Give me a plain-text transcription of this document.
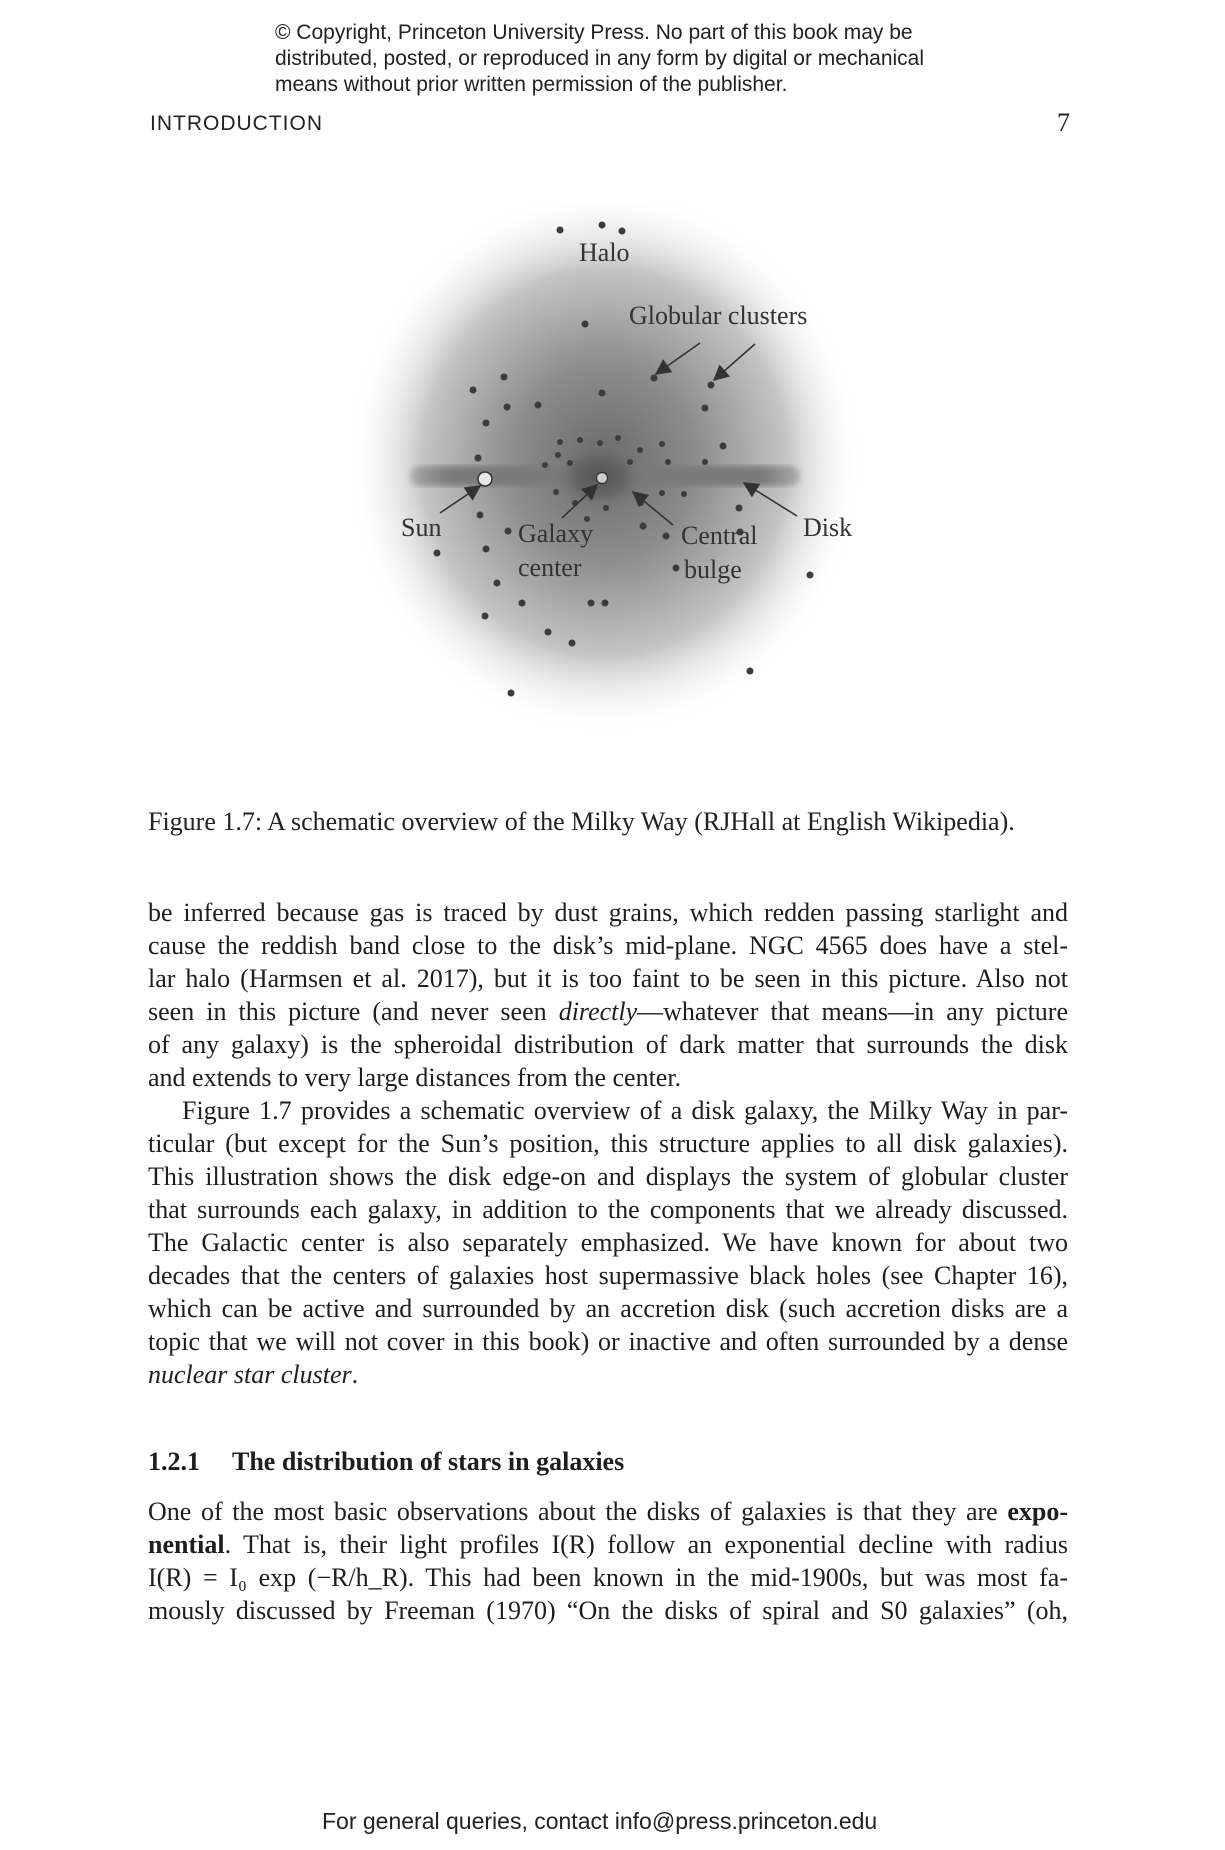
© Copyright, Princeton University Press. No part of this book may be
distributed, posted, or reproduced in any form by digital or mechanical
means without prior written permission of the publisher.
INTRODUCTION	7
Halo
Globular clusters
Sun	Galaxy
center
Central
bulge
Disk
Figure 1.7: A schematic overview of the Milky Way (RJHall at English Wikipedia).
be inferred because gas is traced by dust grains, which redden passing starlight and
cause the reddish band close to the disk’s mid-plane. NGC 4565 does have a stel-
lar halo (Harmsen et al. 2017), but it is too faint to be seen in this picture. Also not
seen in this picture (and never seen directly—whatever that means—in any picture
of any galaxy) is the spheroidal distribution of dark matter that surrounds the disk
and extends to very large distances from the center.
Figure 1.7 provides a schematic overview of a disk galaxy, the Milky Way in par-
ticular (but except for the Sun’s position, this structure applies to all disk galaxies).
This illustration shows the disk edge-on and displays the system of globular cluster
that surrounds each galaxy, in addition to the components that we already discussed.
The Galactic center is also separately emphasized. We have known for about two
decades that the centers of galaxies host supermassive black holes (see Chapter 16),
which can be active and surrounded by an accretion disk (such accretion disks are a
topic that we will not cover in this book) or inactive and often surrounded by a dense
nuclear star cluster.
1.2.1 The distribution of stars in galaxies
One of the most basic observations about the disks of galaxies is that they are expo-
nential. That is, their light profiles I(R) follow an exponential decline with radius
I(R) = I₀ exp (−R/h_R). This had been known in the mid-1900s, but was most fa-
mously discussed by Freeman (1970) “On the disks of spiral and S0 galaxies” (oh,
For general queries, contact info@press.princeton.edu
